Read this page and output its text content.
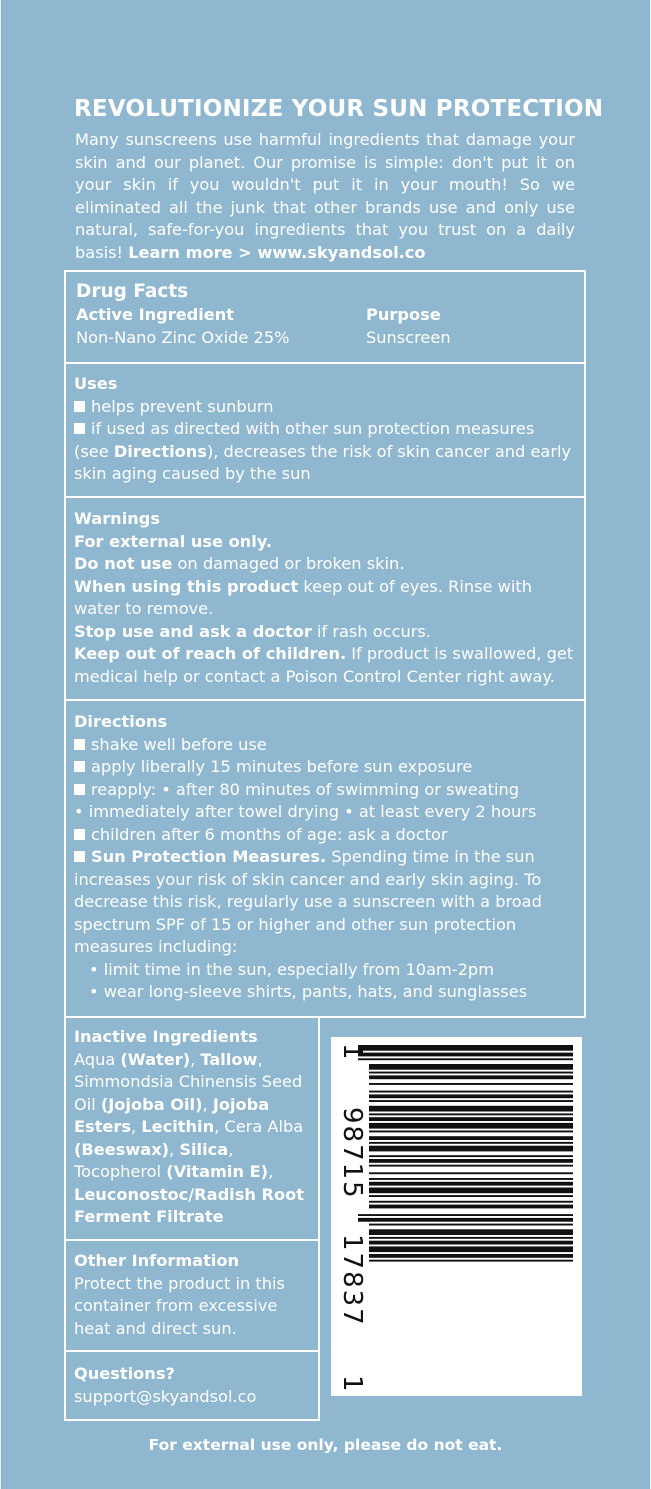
REVOLUTIONIZE YOUR SUN PROTECTION
Many sunscreens use harmful ingredients that damage your skin and our planet. Our promise is simple: don't put it on your skin if you wouldn't put it in your mouth! So we eliminated all the junk that other brands use and only use natural, safe-for-you ingredients that you trust on a daily basis! Learn more > www.skyandsol.co
Drug Facts
Active Ingredient
Non-Nano Zinc Oxide 25%
Purpose
Sunscreen
Uses
helps prevent sunburn
if used as directed with other sun protection measures
(see Directions), decreases the risk of skin cancer and early
skin aging caused by the sun
Warnings
For external use only.
Do not use on damaged or broken skin.
When using this product keep out of eyes. Rinse with
water to remove.
Stop use and ask a doctor if rash occurs.
Keep out of reach of children. If product is swallowed, get
medical help or contact a Poison Control Center right away.
Directions
shake well before use
apply liberally 15 minutes before sun exposure
reapply: • after 80 minutes of swimming or sweating
• immediately after towel drying • at least every 2 hours
children after 6 months of age: ask a doctor
Sun Protection Measures. Spending time in the sun
increases your risk of skin cancer and early skin aging. To
decrease this risk, regularly use a sunscreen with a broad
spectrum SPF of 15 or higher and other sun protection
measures including:
• limit time in the sun, especially from 10am-2pm
• wear long-sleeve shirts, pants, hats, and sunglasses
Inactive Ingredients
Aqua (Water), Tallow,
Simmondsia Chinensis Seed
Oil (Jojoba Oil), Jojoba
Esters, Lecithin, Cera Alba
(Beeswax), Silica,
Tocopherol (Vitamin E),
Leuconostoc/Radish Root
Ferment Filtrate
Other Information
Protect the product in this
container from excessive
heat and direct sun.
Questions?
support@skyandsol.co
1
98715
17837
1
For external use only, please do not eat.
